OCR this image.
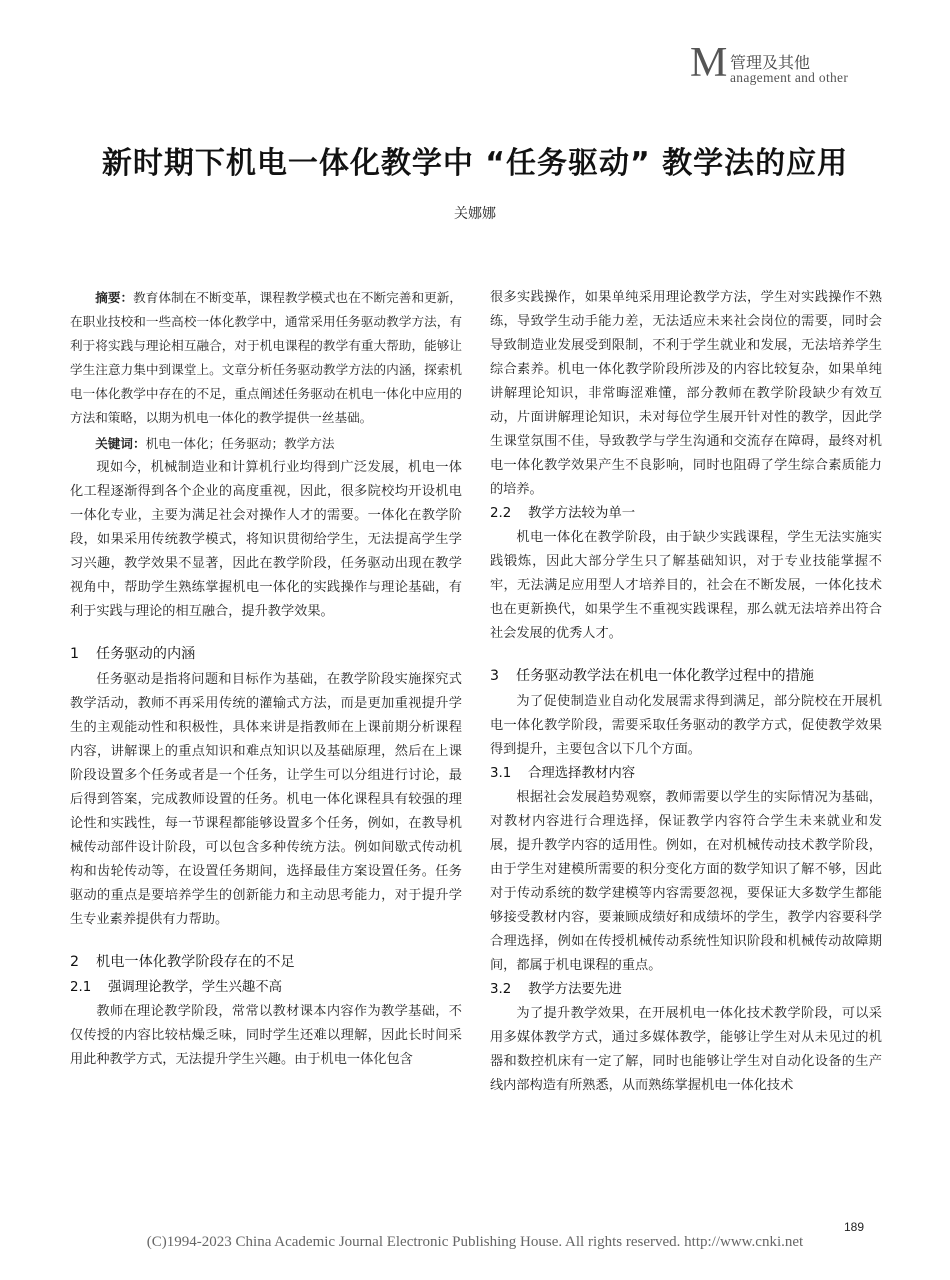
M 管理及其他
anagement and other
新时期下机电一体化教学中 “任务驱动” 教学法的应用
关娜娜

摘要：教育体制在不断变革，课程教学模式也在不断完善和更新，在职业技校和一些高校一体化教学中，通常采用任务驱动教学方法，有利于将实践与理论相互融合，对于机电课程的教学有重大帮助，能够让学生注意力集中到课堂上。文章分析任务驱动教学方法的内涵，探索机电一体化教学中存在的不足，重点阐述任务驱动在机电一体化中应用的方法和策略，以期为机电一体化的教学提供一丝基础。

关键词：机电一体化；任务驱动；教学方法

现如今，机械制造业和计算机行业均得到广泛发展，机电一体化工程逐渐得到各个企业的高度重视，因此，很多院校均开设机电一体化专业，主要为满足社会对操作人才的需要。一体化在教学阶段，如果采用传统教学模式，将知识贯彻给学生，无法提高学生学习兴趣，教学效果不显著，因此在教学阶段，任务驱动出现在教学视角中，帮助学生熟练掌握机电一体化的实践操作与理论基础，有利于实践与理论的相互融合，提升教学效果。

1 任务驱动的内涵

任务驱动是指将问题和目标作为基础，在教学阶段实施探究式教学活动，教师不再采用传统的灌输式方法，而是更加重视提升学生的主观能动性和积极性，具体来讲是指教师在上课前期分析课程内容，讲解课上的重点知识和难点知识以及基础原理，然后在上课阶段设置多个任务或者是一个任务，让学生可以分组进行讨论，最后得到答案，完成教师设置的任务。机电一体化课程具有较强的理论性和实践性，每一节课程都能够设置多个任务，例如，在教导机械传动部件设计阶段，可以包含多种传统方法。例如间歇式传动机构和齿轮传动等，在设置任务期间，选择最佳方案设置任务。任务驱动的重点是要培养学生的创新能力和主动思考能力，对于提升学生专业素养提供有力帮助。

2 机电一体化教学阶段存在的不足
2.1 强调理论教学，学生兴趣不高

教师在理论教学阶段，常常以教材课本内容作为教学基础，不仅传授的内容比较枯燥乏味，同时学生还难以理解，因此长时间采用此种教学方式，无法提升学生兴趣。由于机电一体化包含

很多实践操作，如果单纯采用理论教学方法，学生对实践操作不熟练，导致学生动手能力差，无法适应未来社会岗位的需要，同时会导致制造业发展受到限制，不利于学生就业和发展，无法培养学生综合素养。机电一体化教学阶段所涉及的内容比较复杂，如果单纯讲解理论知识，非常晦涩难懂，部分教师在教学阶段缺少有效互动，片面讲解理论知识，未对每位学生展开针对性的教学，因此学生课堂氛围不佳，导致教学与学生沟通和交流存在障碍，最终对机电一体化教学效果产生不良影响，同时也阻碍了学生综合素质能力的培养。

2.2 教学方法较为单一

机电一体化在教学阶段，由于缺少实践课程，学生无法实施实践锻炼，因此大部分学生只了解基础知识，对于专业技能掌握不牢，无法满足应用型人才培养目的，社会在不断发展，一体化技术也在更新换代，如果学生不重视实践课程，那么就无法培养出符合社会发展的优秀人才。

3 任务驱动教学法在机电一体化教学过程中的措施

为了促使制造业自动化发展需求得到满足，部分院校在开展机电一体化教学阶段，需要采取任务驱动的教学方式，促使教学效果得到提升，主要包含以下几个方面。

3.1 合理选择教材内容

根据社会发展趋势观察，教师需要以学生的实际情况为基础，对教材内容进行合理选择，保证教学内容符合学生未来就业和发展，提升教学内容的适用性。例如，在对机械传动技术教学阶段，由于学生对建模所需要的积分变化方面的数学知识了解不够，因此对于传动系统的数学建模等内容需要忽视，要保证大多数学生都能够接受教材内容，要兼顾成绩好和成绩坏的学生，教学内容要科学合理选择，例如在传授机械传动系统性知识阶段和机械传动故障期间，都属于机电课程的重点。

3.2 教学方法要先进

为了提升教学效果，在开展机电一体化技术教学阶段，可以采用多媒体教学方式，通过多媒体教学，能够让学生对从未见过的机器和数控机床有一定了解，同时也能够让学生对自动化设备的生产线内部构造有所熟悉，从而熟练掌握机电一体化技术

189
(C)1994-2023 China Academic Journal Electronic Publishing House. All rights reserved. http://www.cnki.net
